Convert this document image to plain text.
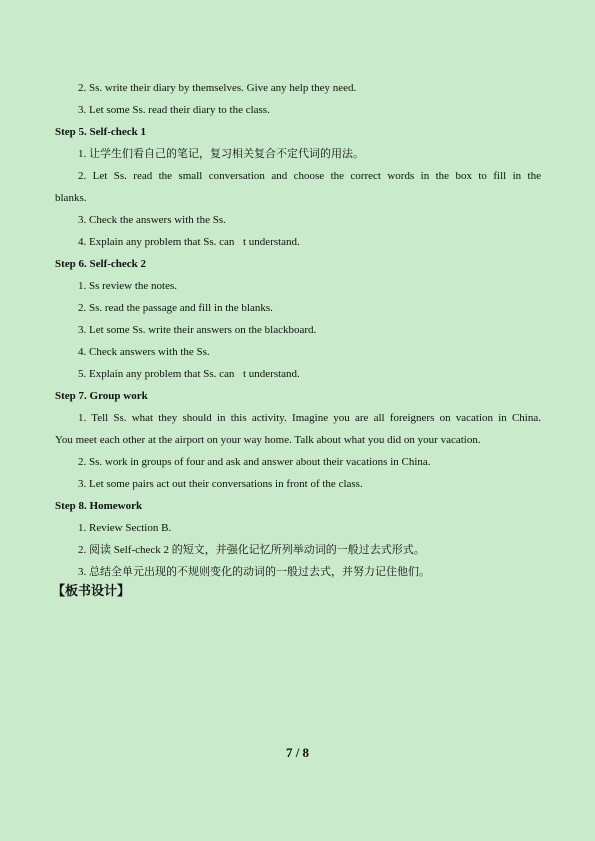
2. Ss. write their diary by themselves. Give any help they need.
3. Let some Ss. read their diary to the class.
Step 5. Self-check 1
1. 让学生们看自己的笔记，复习相关复合不定代词的用法。
2. Let Ss. read the small conversation and choose the correct words in the box to fill in the
blanks.
3. Check the answers with the Ss.
4. Explain any problem that Ss. can t understand.
Step 6. Self-check 2
1. Ss review the notes.
2. Ss. read the passage and fill in the blanks.
3. Let some Ss. write their answers on the blackboard.
4. Check answers with the Ss.
5. Explain any problem that Ss. can t understand.
Step 7. Group work
1. Tell Ss. what they should in this activity. Imagine you are all foreigners on vacation in China.
You meet each other at the airport on your way home. Talk about what you did on your vacation.
2. Ss. work in groups of four and ask and answer about their vacations in China.
3. Let some pairs act out their conversations in front of the class.
Step 8. Homework
1. Review Section B.
2. 阅读 Self-check 2 的短文，并强化记忆所列举动词的一般过去式形式。
3. 总结全单元出现的不规则变化的动词的一般过去式，并努力记住他们。
【板书设计】
7 / 8
